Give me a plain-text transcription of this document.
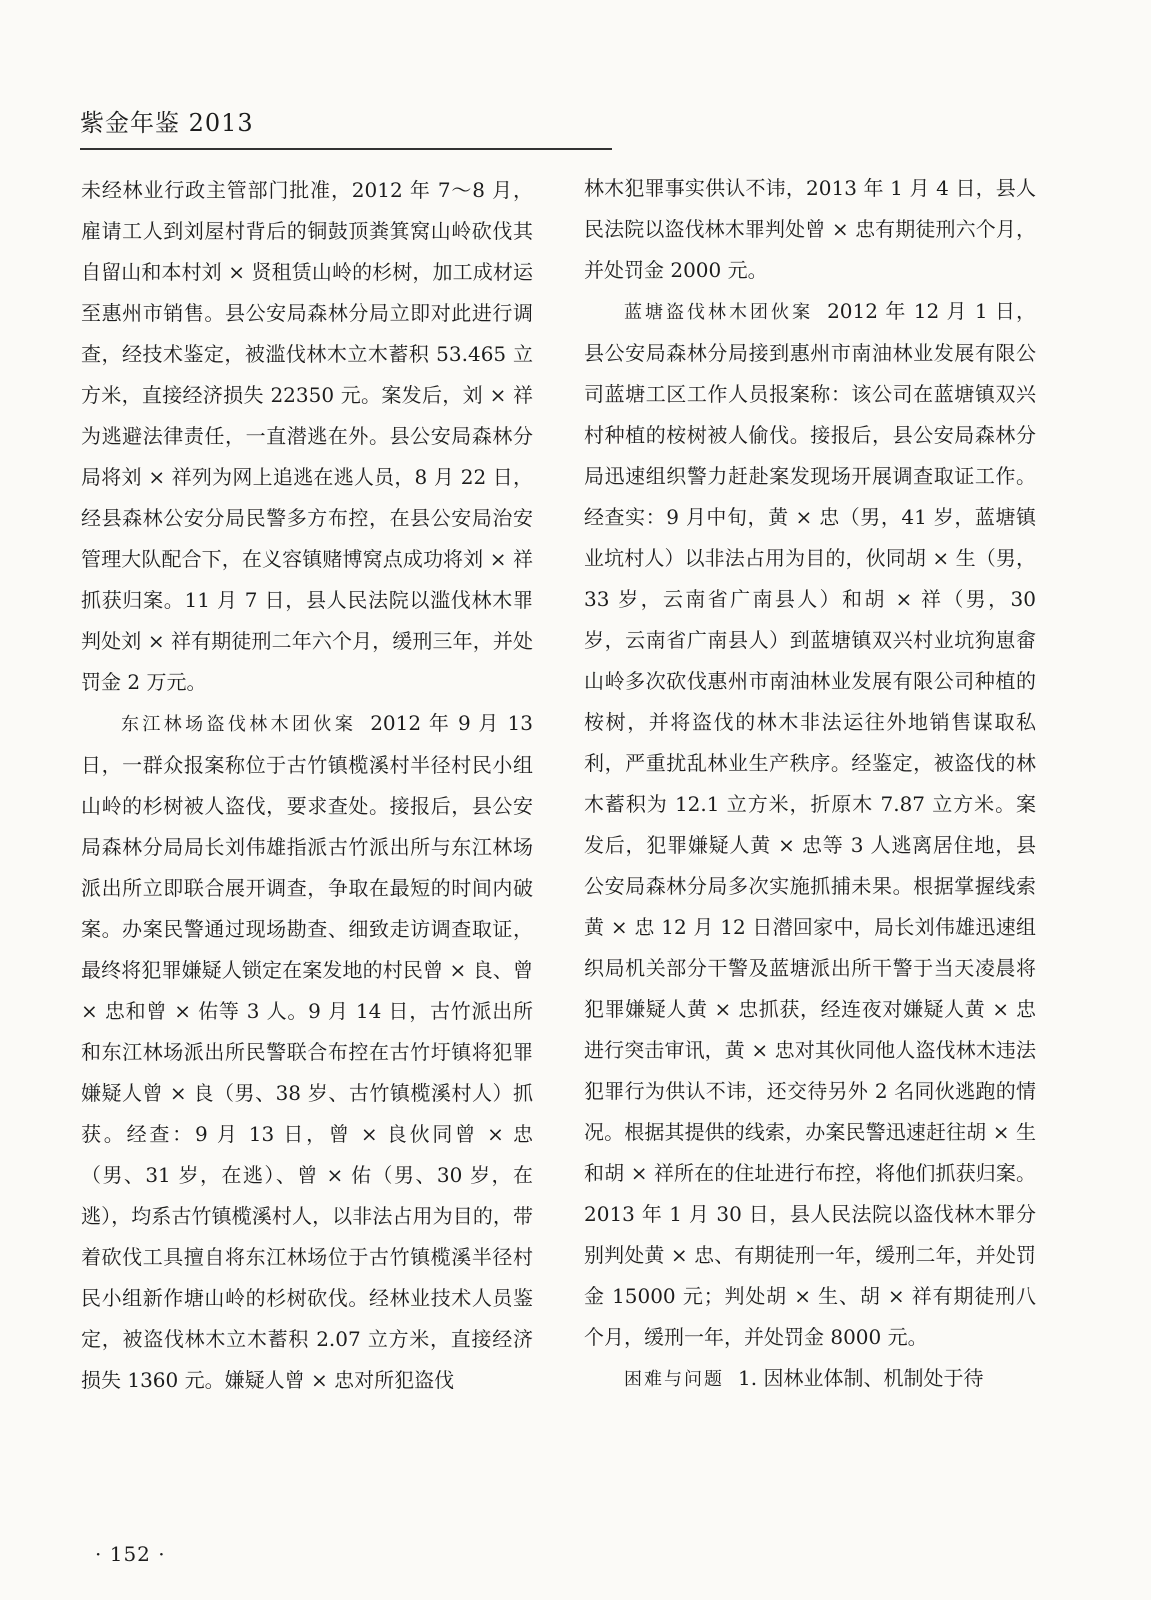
紫金年鉴 2013

未经林业行政主管部门批准，2012 年 7～8 月，雇请工人到刘屋村背后的铜鼓顶粪箕窝山岭砍伐其自留山和本村刘 × 贤租赁山岭的杉树，加工成材运至惠州市销售。县公安局森林分局立即对此进行调查，经技术鉴定，被滥伐林木立木蓄积 53.465 立方米，直接经济损失 22350 元。案发后，刘 × 祥为逃避法律责任，一直潜逃在外。县公安局森林分局将刘 × 祥列为网上追逃在逃人员，8 月 22 日，经县森林公安分局民警多方布控，在县公安局治安管理大队配合下，在义容镇赌博窝点成功将刘 × 祥抓获归案。11 月 7 日，县人民法院以滥伐林木罪判处刘 × 祥有期徒刑二年六个月，缓刑三年，并处罚金 2 万元。

东江林场盗伐林木团伙案 2012 年 9 月 13 日，一群众报案称位于古竹镇榄溪村半径村民小组山岭的杉树被人盗伐，要求查处。接报后，县公安局森林分局局长刘伟雄指派古竹派出所与东江林场派出所立即联合展开调查，争取在最短的时间内破案。办案民警通过现场勘查、细致走访调查取证，最终将犯罪嫌疑人锁定在案发地的村民曾 × 良、曾 × 忠和曾 × 佑等 3 人。9 月 14 日，古竹派出所和东江林场派出所民警联合布控在古竹圩镇将犯罪嫌疑人曾 × 良（男、38 岁、古竹镇榄溪村人）抓获。经查：9 月 13 日，曾 × 良伙同曾 × 忠（男、31 岁，在逃）、曾 × 佑（男、30 岁，在逃），均系古竹镇榄溪村人，以非法占用为目的，带着砍伐工具擅自将东江林场位于古竹镇榄溪半径村民小组新作塘山岭的杉树砍伐。经林业技术人员鉴定，被盗伐林木立木蓄积 2.07 立方米，直接经济损失 1360 元。嫌疑人曾 × 忠对所犯盗伐

林木犯罪事实供认不讳，2013 年 1 月 4 日，县人民法院以盗伐林木罪判处曾 × 忠有期徒刑六个月，并处罚金 2000 元。

蓝塘盗伐林木团伙案 2012 年 12 月 1 日，县公安局森林分局接到惠州市南油林业发展有限公司蓝塘工区工作人员报案称：该公司在蓝塘镇双兴村种植的桉树被人偷伐。接报后，县公安局森林分局迅速组织警力赶赴案发现场开展调查取证工作。经查实：9 月中旬，黄 × 忠（男，41 岁，蓝塘镇业坑村人）以非法占用为目的，伙同胡 × 生（男，33 岁，云南省广南县人）和胡 × 祥（男，30 岁，云南省广南县人）到蓝塘镇双兴村业坑狗崽畲山岭多次砍伐惠州市南油林业发展有限公司种植的桉树，并将盗伐的林木非法运往外地销售谋取私利，严重扰乱林业生产秩序。经鉴定，被盗伐的林木蓄积为 12.1 立方米，折原木 7.87 立方米。案发后，犯罪嫌疑人黄 × 忠等 3 人逃离居住地，县公安局森林分局多次实施抓捕未果。根据掌握线索黄 × 忠 12 月 12 日潜回家中，局长刘伟雄迅速组织局机关部分干警及蓝塘派出所干警于当天凌晨将犯罪嫌疑人黄 × 忠抓获，经连夜对嫌疑人黄 × 忠进行突击审讯，黄 × 忠对其伙同他人盗伐林木违法犯罪行为供认不讳，还交待另外 2 名同伙逃跑的情况。根据其提供的线索，办案民警迅速赶往胡 × 生和胡 × 祥所在的住址进行布控，将他们抓获归案。2013 年 1 月 30 日，县人民法院以盗伐林木罪分别判处黄 × 忠、有期徒刑一年，缓刑二年，并处罚金 15000 元；判处胡 × 生、胡 × 祥有期徒刑八个月，缓刑一年，并处罚金 8000 元。

困难与问题 1. 因林业体制、机制处于待

· 152 ·
